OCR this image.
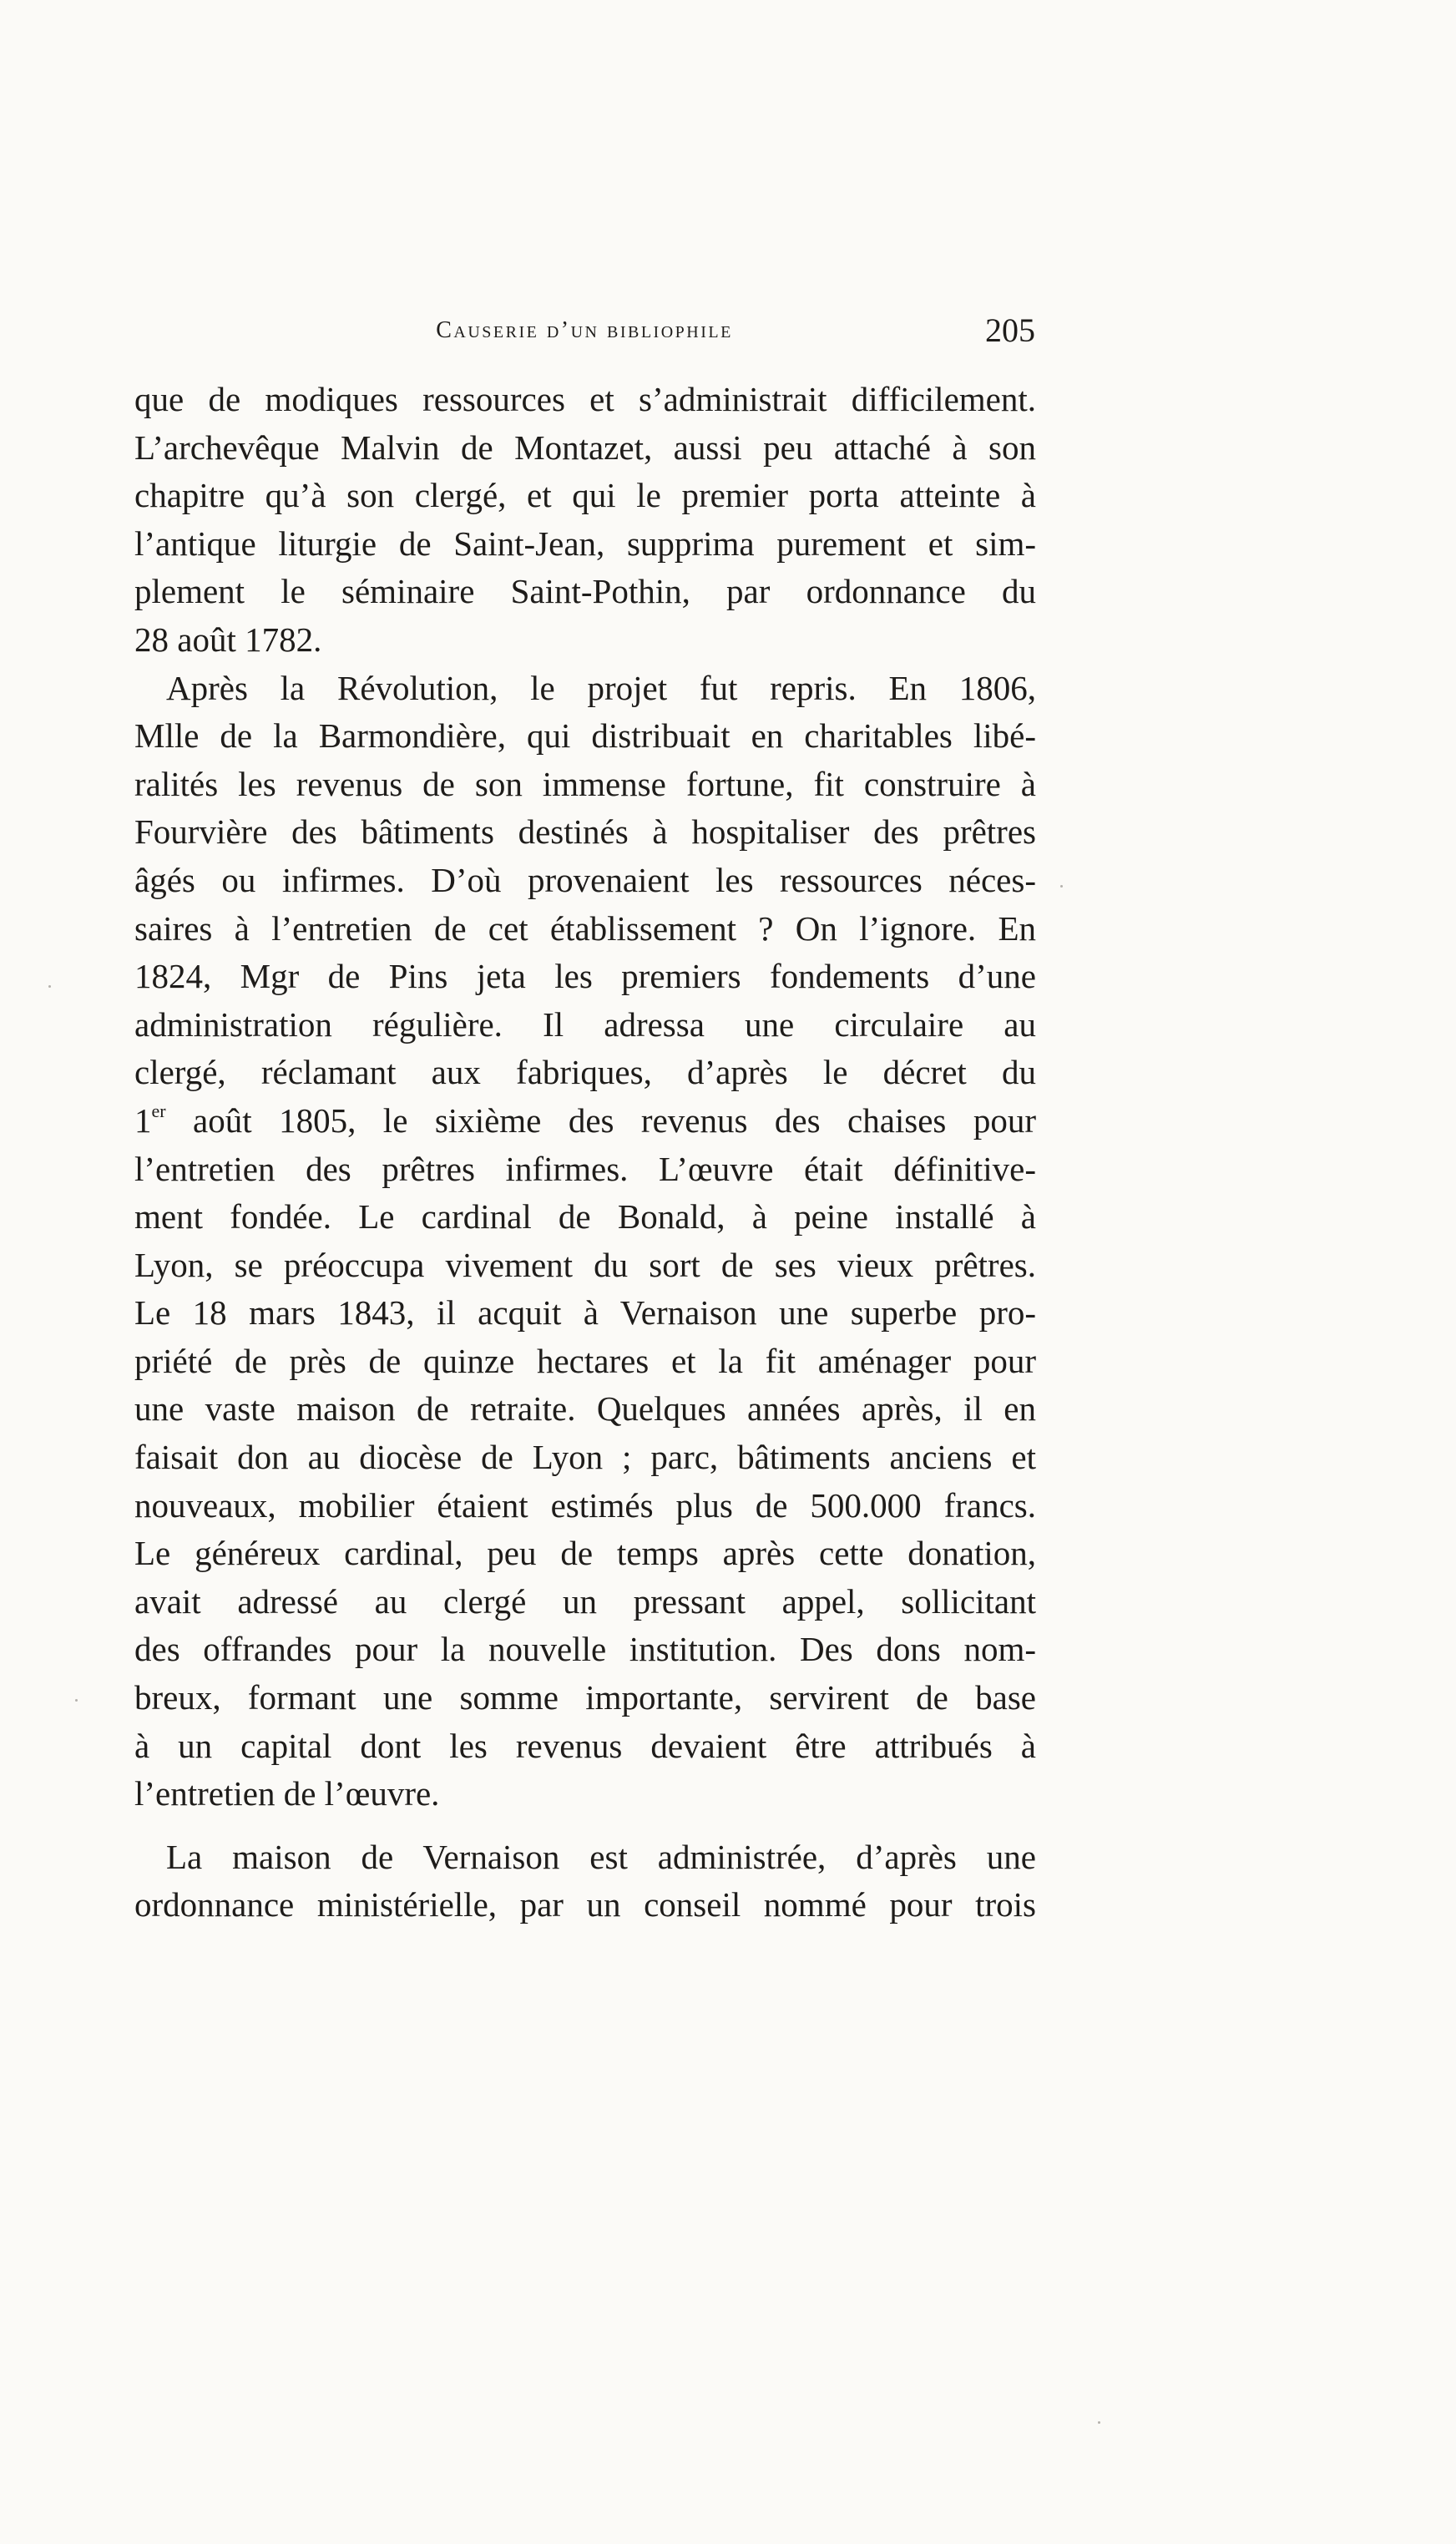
Causerie d’un bibliophile	205
que de modiques ressources et s’administrait difficilement.
L’archevêque Malvin de Montazet, aussi peu attaché à son
chapitre qu’à son clergé, et qui le premier porta atteinte à
l’antique liturgie de Saint-Jean, supprima purement et sim-
plement le séminaire Saint-Pothin, par ordonnance du
28 août 1782.
Après la Révolution, le projet fut repris. En 1806,
Mlle de la Barmondière, qui distribuait en charitables libé-
ralités les revenus de son immense fortune, fit construire à
Fourvière des bâtiments destinés à hospitaliser des prêtres
âgés ou infirmes. D’où provenaient les ressources néces-
saires à l’entretien de cet établissement ? On l’ignore. En
1824, Mgr de Pins jeta les premiers fondements d’une
administration régulière. Il adressa une circulaire au
clergé, réclamant aux fabriques, d’après le décret du
1er août 1805, le sixième des revenus des chaises pour
l’entretien des prêtres infirmes. L’œuvre était définitive-
ment fondée. Le cardinal de Bonald, à peine installé à
Lyon, se préoccupa vivement du sort de ses vieux prêtres.
Le 18 mars 1843, il acquit à Vernaison une superbe pro-
priété de près de quinze hectares et la fit aménager pour
une vaste maison de retraite. Quelques années après, il en
faisait don au diocèse de Lyon ; parc, bâtiments anciens et
nouveaux, mobilier étaient estimés plus de 500.000 francs.
Le généreux cardinal, peu de temps après cette donation,
avait adressé au clergé un pressant appel, sollicitant
des offrandes pour la nouvelle institution. Des dons nom-
breux, formant une somme importante, servirent de base
à un capital dont les revenus devaient être attribués à
l’entretien de l’œuvre.
La maison de Vernaison est administrée, d’après une
ordonnance ministérielle, par un conseil nommé pour trois
